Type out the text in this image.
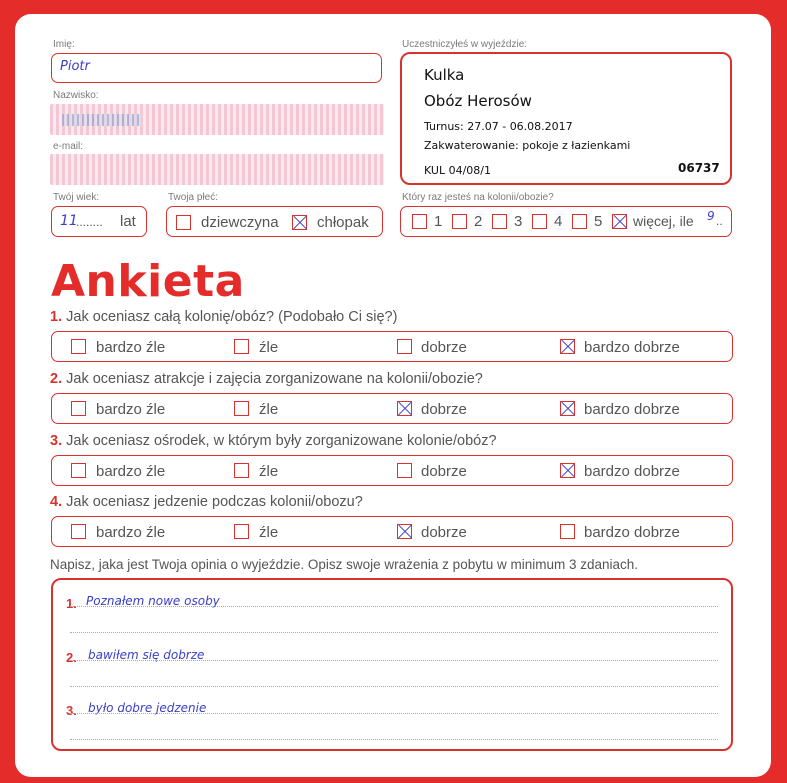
Imię:
Piotr
Nazwisko:
e-mail:
Twój wiek:
11
........ lat
Twoja płeć:
dziewczyna	chłopak
Uczestniczyłeś w wyjeździe:
Kulka
Obóz Herosów
Turnus: 27.07 - 06.08.2017
Zakwaterowanie: pokoje z łazienkami
KUL 04/08/1	06737
Który raz jesteś na kolonii/obozie?
1 2 3 4 5 więcej, ile 9 ..
Ankieta
1. Jak oceniasz całą kolonię/obóz? (Podobało Ci się?)
bardzo źle	źle	dobrze	bardzo dobrze
2. Jak oceniasz atrakcje i zajęcia zorganizowane na kolonii/obozie?
bardzo źle	źle	dobrze	bardzo dobrze
3. Jak oceniasz ośrodek, w którym były zorganizowane kolonie/obóz?
bardzo źle	źle	dobrze	bardzo dobrze
4. Jak oceniasz jedzenie podczas kolonii/obozu?
bardzo źle	źle	dobrze	bardzo dobrze
Napisz, jaka jest Twoja opinia o wyjeździe. Opisz swoje wrażenia z pobytu w minimum 3 zdaniach.
1. Poznałem nowe osoby
2. bawiłem się dobrze
3. było dobre jedzenie
